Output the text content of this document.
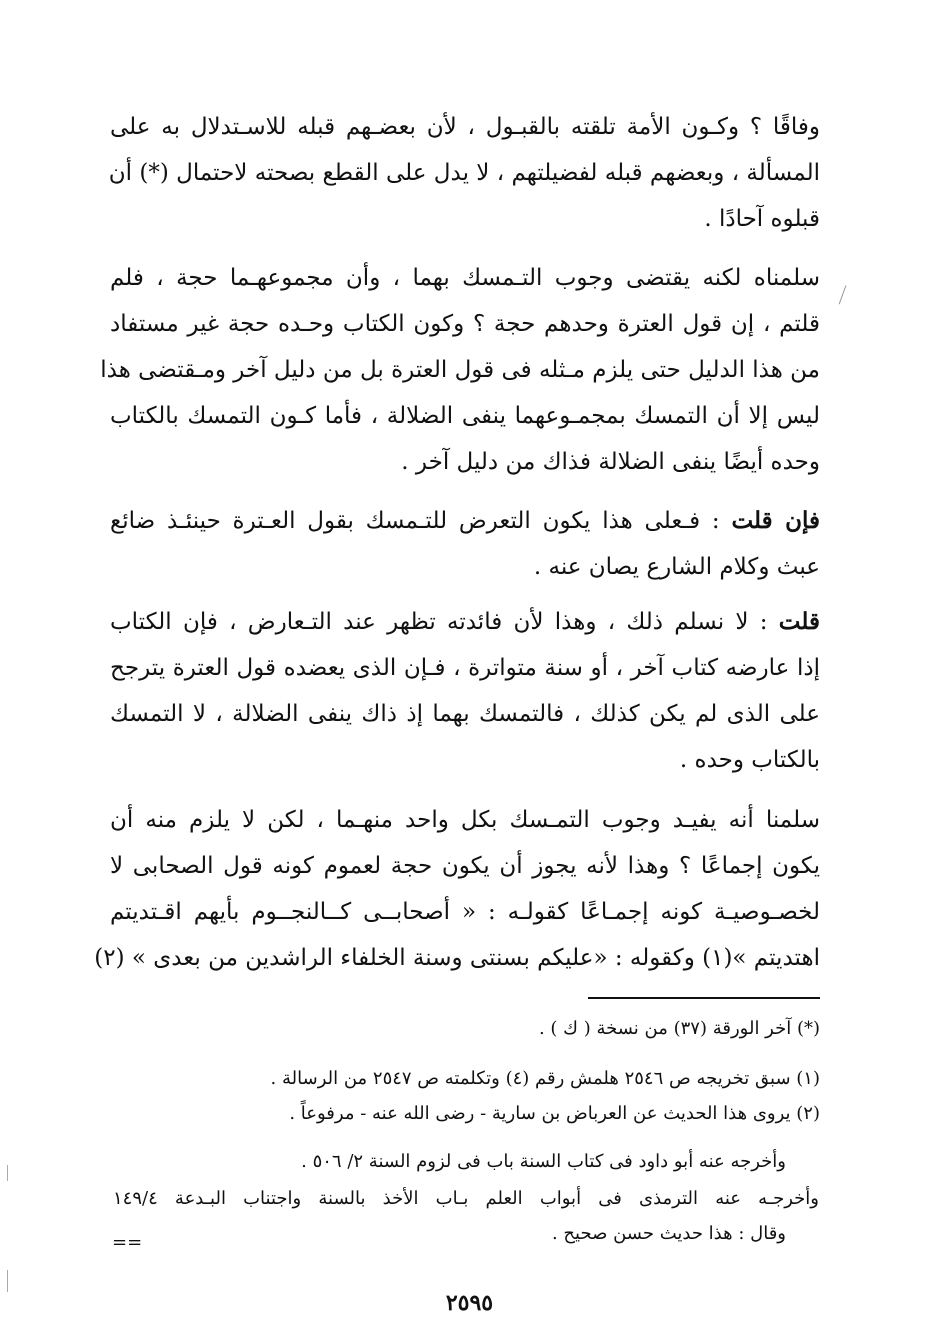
وفاقًا ؟ وكـون الأمة تلقته بالقبـول ، لأن بعضـهم قبله للاسـتدلال به على
المسألة ، وبعضهم قبله لفضيلتهم ، لا يدل على القطع بصحته لاحتمال (*) أن
قبلوه آحادًا .
سلمناه لكنه يقتضى وجوب التـمسك بهما ، وأن مجموعهـما حجة ، فلم
قلتم ، إن قول العترة وحدهم حجة ؟ وكون الكتاب وحـده حجة غير مستفاد
من هذا الدليل حتى يلزم مـثله فى قول العترة بل من دليل آخر ومـقتضى هذا
ليس إلا أن التمسك بمجمـوعهما ينفى الضلالة ، فأما كـون التمسك بالكتاب
وحده أيضًا ينفى الضلالة فذاك من دليل آخر .
فإن قلت : فـعلى هذا يكون التعرض للتـمسك بقول العـترة حينئـذ ضائع
عبث وكلام الشارع يصان عنه .
قلت : لا نسلم ذلك ، وهذا لأن فائدته تظهر عند التـعارض ، فإن الكتاب
إذا عارضه كتاب آخر ، أو سنة متواترة ، فـإن الذى يعضده قول العترة يترجح
على الذى لم يكن كذلك ، فالتمسك بهما إذ ذاك ينفى الضلالة ، لا التمسك
بالكتاب وحده .
سلمنا أنه يفيـد وجوب التمـسك بكل واحد منهـما ، لكن لا يلزم منه أن
يكون إجماعًا ؟ وهذا لأنه يجوز أن يكون حجة لعموم كونه قول الصحابى لا
لخصـوصيـة كونه إجمـاعًا كقولـه : « أصحابــى كــالنجــوم بأيهم اقـتديتم
اهتديتم »(١) وكقوله : «عليكم بسنتى وسنة الخلفاء الراشدين من بعدى » (٢)
(*) آخر الورقة (٣٧) من نسخة ( ك ) .
(١) سبق تخريجه ص ٢٥٤٦ هلمش رقم (٤) وتكلمته ص ٢٥٤٧ من الرسالة .
(٢) يروى هذا الحديث عن العرباض بن سارية - رضى الله عنه - مرفوعاً .
وأخرجه عنه أبو داود فى كتاب السنة باب فى لزوم السنة ٢/ ٥٠٦ .
وأخرجـه عنه الترمذى فى أبواب العلم بـاب الأخذ بالسنة واجتناب البـدعة ١٤٩/٤
وقال : هذا حديث حسن صحيح .
==
٢٥٩٥
